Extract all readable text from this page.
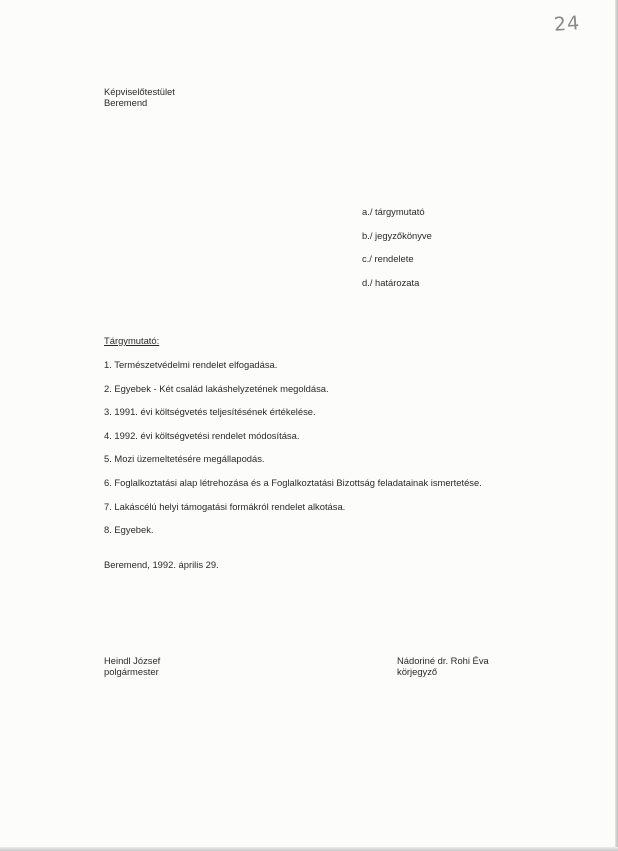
24
Képviselőtestület
Beremend
a./ tárgymutató
b./ jegyzőkönyve
c./ rendelete
d./ határozata
Tárgymutató:
1. Természetvédelmi rendelet elfogadása.
2. Egyebek - Két család lakáshelyzetének megoldása.
3. 1991. évi költségvetés teljesítésének értékelése.
4. 1992. évi költségvetési rendelet módosítása.
5. Mozi üzemeltetésére megállapodás.
6. Foglalkoztatási alap létrehozása és a Foglalkoztatási Bizottság feladatainak ismertetése.
7. Lakáscélú helyi támogatási formákról rendelet alkotása.
8. Egyebek.
Beremend, 1992. április 29.
Heindl József
polgármester
Nádoriné dr. Rohi Éva
körjegyző
